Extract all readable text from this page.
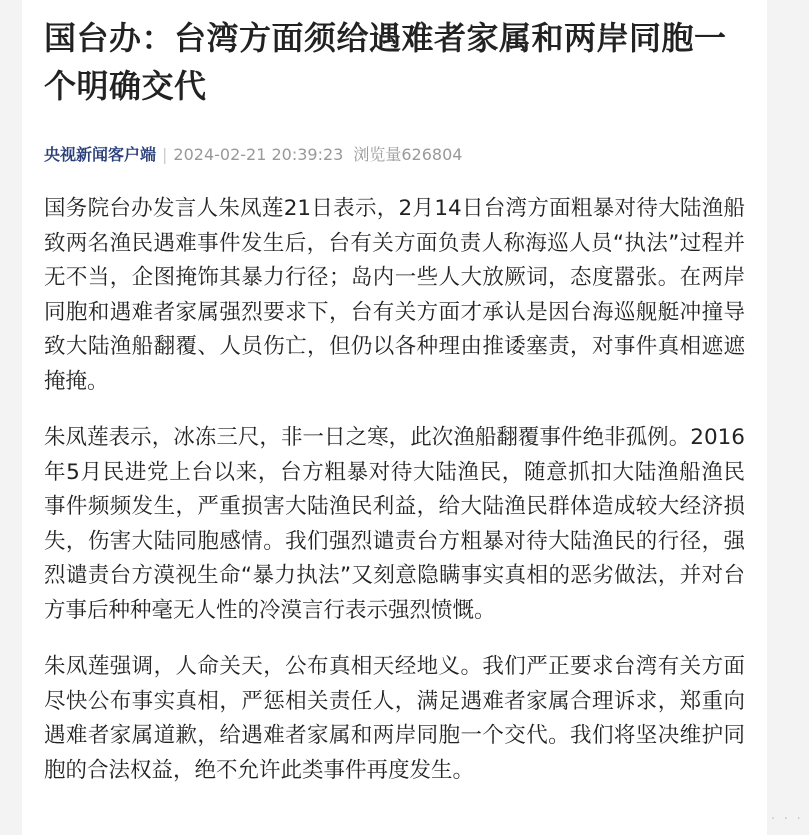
国台办：台湾方面须给遇难者家属和两岸同胞一个明确交代
央视新闻客户端 | 2024-02-21 20:39:23 浏览量626804

国务院台办发言人朱凤莲21日表示，2月14日台湾方面粗暴对待大陆渔船致两名渔民遇难事件发生后，台有关方面负责人称海巡人员“执法”过程并无不当，企图掩饰其暴力行径；岛内一些人大放厥词，态度嚣张。在两岸同胞和遇难者家属强烈要求下，台有关方面才承认是因台海巡舰艇冲撞导致大陆渔船翻覆、人员伤亡，但仍以各种理由推诿塞责，对事件真相遮遮掩掩。

朱凤莲表示，冰冻三尺，非一日之寒，此次渔船翻覆事件绝非孤例。2016年5月民进党上台以来，台方粗暴对待大陆渔民，随意抓扣大陆渔船渔民事件频频发生，严重损害大陆渔民利益，给大陆渔民群体造成较大经济损失，伤害大陆同胞感情。我们强烈谴责台方粗暴对待大陆渔民的行径，强烈谴责台方漠视生命“暴力执法”又刻意隐瞒事实真相的恶劣做法，并对台方事后种种毫无人性的冷漠言行表示强烈愤慨。

朱凤莲强调，人命关天，公布真相天经地义。我们严正要求台湾有关方面尽快公布事实真相，严惩相关责任人，满足遇难者家属合理诉求，郑重向遇难者家属道歉，给遇难者家属和两岸同胞一个交代。我们将坚决维护同胞的合法权益，绝不允许此类事件再度发生。

· · ·
